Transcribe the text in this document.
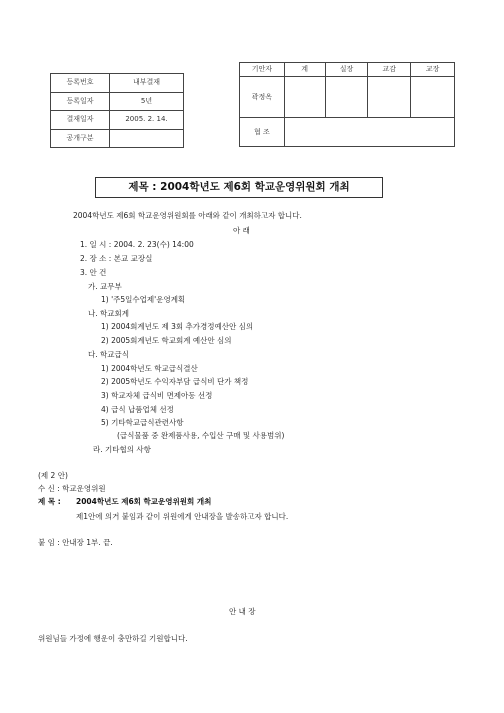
등록번호	내부결재
등록일자	5년
결재일자	2005. 2. 14.
공개구분	
기안자	계	실장	교감	교장
곽정옥				
협 조				
제목 : 2004학년도 제6회 학교운영위원회 개최
2004학년도 제6회 학교운영위원회를 아래와 같이 개최하고자 합니다.
아 래
1. 일 시 : 2004. 2. 23(수) 14:00
2. 장 소 : 본교 교장실
3. 안 건
가. 교무부
1) '주5일수업제'운영계획
나. 학교회계
1) 2004회계년도 제 3회 추가경정예산안 심의
2) 2005회계년도 학교회계 예산안 심의
다. 학교급식
1) 2004학년도 학교급식결산
2) 2005학년도 수익자부담 급식비 단가 책정
3) 학교자체 급식비 면제아동 선정
4) 급식 납품업체 선정
5) 기타학교급식관련사항
(급식물품 중 완제품사용, 수입산 구매 및 사용범위)
라. 기타협의 사항
(제 2 안)
수 신 : 학교운영위원
제 목 : 2004학년도 제6회 학교운영위원회 개최
제1안에 의거 붙임과 같이 위원에게 안내장을 발송하고자 합니다.
붙 임 : 안내장 1부. 끝.
안 내 장
위원님들 가정에 행운이 충만하길 기원합니다.
